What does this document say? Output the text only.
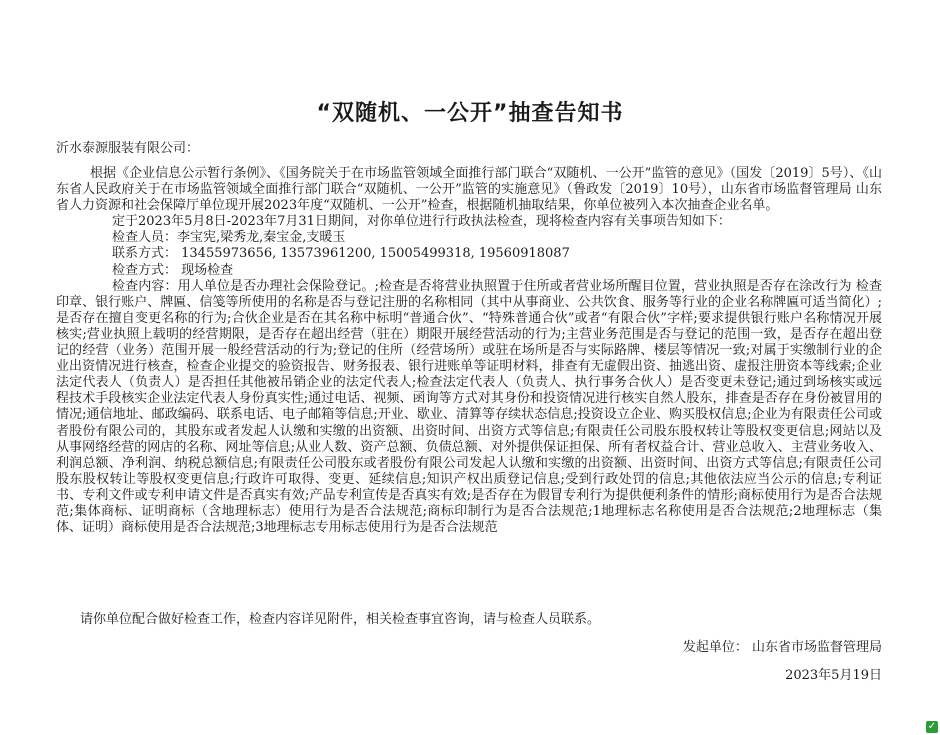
“双随机、一公开”抽查告知书
沂水泰源服装有限公司：

根据《企业信息公示暂行条例》、《国务院关于在市场监管领域全面推行部门联合“双随机、一公开”监管的意见》（国发〔2019〕5号）、《山东省人民政府关于在市场监管领域全面推行部门联合“双随机、一公开”监管的实施意见》（鲁政发〔2019〕10号），山东省市场监督管理局 山东省人力资源和社会保障厅单位现开展2023年度“双随机、一公开”检查，根据随机抽取结果，你单位被列入本次抽查企业名单。

定于2023年5月8日-2023年7月31日期间，对你单位进行行政执法检查，现将检查内容有关事项告知如下：

检查人员：李宝宪,梁秀龙,秦宝金,支暖玉

联系方式： 13455973656, 13573961200, 15005499318, 19560918087

检查方式： 现场检查

检查内容：用人单位是否办理社会保险登记。;检查是否将营业执照置于住所或者营业场所醒目位置，营业执照是否存在涂改行为 检查印章、银行账户、牌匾、信笺等所使用的名称是否与登记注册的名称相同（其中从事商业、公共饮食、服务等行业的企业名称牌匾可适当简化）;是否存在擅自变更名称的行为;合伙企业是否在其名称中标明“普通合伙”、“特殊普通合伙”或者“有限合伙”字样;要求提供银行账户名称情况开展核实;营业执照上载明的经营期限，是否存在超出经营（驻在）期限开展经营活动的行为;主营业务范围是否与登记的范围一致，是否存在超出登记的经营（业务）范围开展一般经营活动的行为;登记的住所（经营场所）或驻在场所是否与实际路牌、楼层等情况一致;对属于实缴制行业的企业出资情况进行核查，检查企业提交的验资报告、财务报表、银行进账单等证明材料，排查有无虚假出资、抽逃出资、虚报注册资本等线索;企业法定代表人（负责人）是否担任其他被吊销企业的法定代表人;检查法定代表人（负责人、执行事务合伙人）是否变更未登记;通过到场核实或远程技术手段核实企业法定代表人身份真实性;通过电话、视频、函询等方式对其身份和投资情况进行核实自然人股东，排查是否存在身份被冒用的情况;通信地址、邮政编码、联系电话、电子邮箱等信息;开业、歇业、清算等存续状态信息;投资设立企业、购买股权信息;企业为有限责任公司或者股份有限公司的，其股东或者发起人认缴和实缴的出资额、出资时间、出资方式等信息;有限责任公司股东股权转让等股权变更信息;网站以及从事网络经营的网店的名称、网址等信息;从业人数、资产总额、负债总额、对外提供保证担保、所有者权益合计、营业总收入、主营业务收入、利润总额、净利润、纳税总额信息;有限责任公司股东或者股份有限公司发起人认缴和实缴的出资额、出资时间、出资方式等信息;有限责任公司股东股权转让等股权变更信息;行政许可取得、变更、延续信息;知识产权出质登记信息;受到行政处罚的信息;其他依法应当公示的信息;专利证书、专利文件或专利申请文件是否真实有效;产品专利宣传是否真实有效;是否存在为假冒专利行为提供便利条件的情形;商标使用行为是否合法规范;集体商标、证明商标（含地理标志）使用行为是否合法规范;商标印制行为是否合法规范;1地理标志名称使用是否合法规范;2地理标志（集体、证明）商标使用是否合法规范;3地理标志专用标志使用行为是否合法规范

请你单位配合做好检查工作，检查内容详见附件，相关检查事宜咨询，请与检查人员联系。
发起单位： 山东省市场监督管理局
2023年5月19日
✓
